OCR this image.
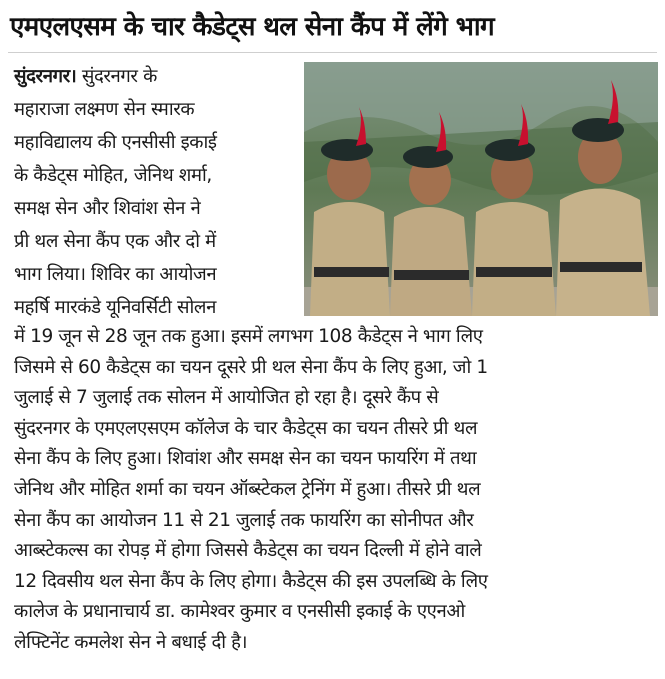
एमएलएसम के चार कैडेट्स थल सेना कैंप में लेंगे भाग
सुंदरनगर। सुंदरनगर के
महाराजा लक्ष्मण सेन स्मारक
महाविद्यालय की एनसीसी इकाई
के कैडेट्स मोहित, जेनिथ शर्मा,
समक्ष सेन और शिवांश सेन ने
प्री थल सेना कैंप एक और दो में
भाग लिया। शिविर का आयोजन
महर्षि मारकंडे यूनिवर्सिटी सोलन

में 19 जून से 28 जून तक हुआ। इसमें लगभग 108 कैडेट्स ने भाग लिए

जिसमे से 60 कैडेट्स का चयन दूसरे प्री थल सेना कैंप के लिए हुआ, जो 1

जुलाई से 7 जुलाई तक सोलन में आयोजित हो रहा है। दूसरे कैंप से

सुंदरनगर के एमएलएसएम कॉलेज के चार कैडेट्स का चयन तीसरे प्री थल

सेना कैंप के लिए हुआ। शिवांश और समक्ष सेन का चयन फायरिंग में तथा

जेनिथ और मोहित शर्मा का चयन ऑब्स्टेकल ट्रेनिंग में हुआ। तीसरे प्री थल

सेना कैंप का आयोजन 11 से 21 जुलाई तक फायरिंग का सोनीपत और

आब्स्टेकल्स का रोपड़ में होगा जिससे कैडेट्स का चयन दिल्ली में होने वाले

12 दिवसीय थल सेना कैंप के लिए होगा। कैडेट्स की इस उपलब्धि के लिए

कालेज के प्रधानाचार्य डा. कामेश्वर कुमार व एनसीसी इकाई के एएनओ

लेफ्टिनेंट कमलेश सेन ने बधाई दी है।
